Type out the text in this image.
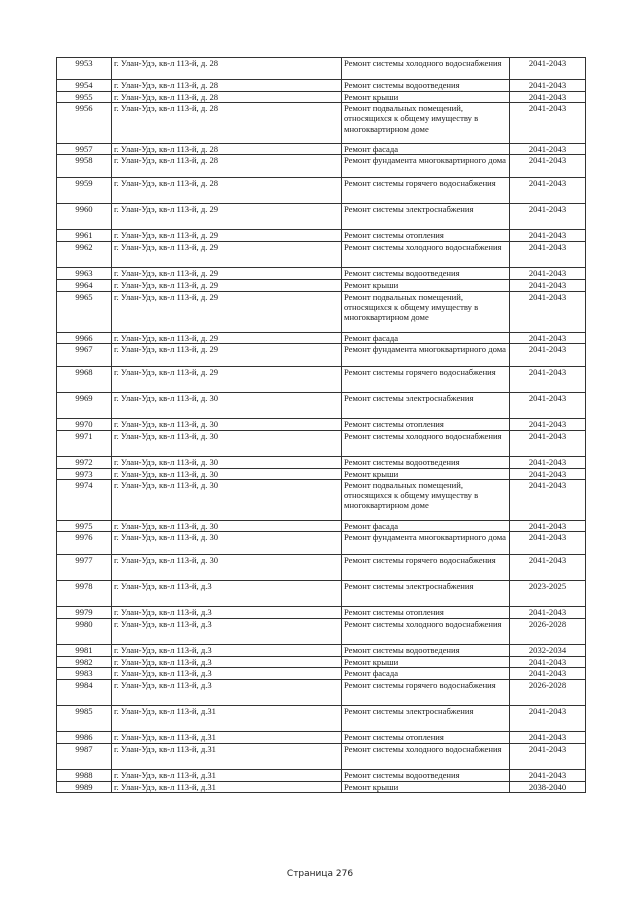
9953	г. Улан-Удэ, кв-л 113-й, д. 28	Ремонт системы холодного водоснабжения	2041-2043
9954	г. Улан-Удэ, кв-л 113-й, д. 28	Ремонт системы водоотведения	2041-2043
9955	г. Улан-Удэ, кв-л 113-й, д. 28	Ремонт крыши	2041-2043
9956	г. Улан-Удэ, кв-л 113-й, д. 28	Ремонт подвальных помещений, относящихся к общему имуществу в многоквартирном доме	2041-2043
9957	г. Улан-Удэ, кв-л 113-й, д. 28	Ремонт фасада	2041-2043
9958	г. Улан-Удэ, кв-л 113-й, д. 28	Ремонт фундамента многоквартирного дома	2041-2043
9959	г. Улан-Удэ, кв-л 113-й, д. 28	Ремонт системы горячего водоснабжения	2041-2043
9960	г. Улан-Удэ, кв-л 113-й, д. 29	Ремонт системы электроснабжения	2041-2043
9961	г. Улан-Удэ, кв-л 113-й, д. 29	Ремонт системы отопления	2041-2043
9962	г. Улан-Удэ, кв-л 113-й, д. 29	Ремонт системы холодного водоснабжения	2041-2043
9963	г. Улан-Удэ, кв-л 113-й, д. 29	Ремонт системы водоотведения	2041-2043
9964	г. Улан-Удэ, кв-л 113-й, д. 29	Ремонт крыши	2041-2043
9965	г. Улан-Удэ, кв-л 113-й, д. 29	Ремонт подвальных помещений, относящихся к общему имуществу в многоквартирном доме	2041-2043
9966	г. Улан-Удэ, кв-л 113-й, д. 29	Ремонт фасада	2041-2043
9967	г. Улан-Удэ, кв-л 113-й, д. 29	Ремонт фундамента многоквартирного дома	2041-2043
9968	г. Улан-Удэ, кв-л 113-й, д. 29	Ремонт системы горячего водоснабжения	2041-2043
9969	г. Улан-Удэ, кв-л 113-й, д. 30	Ремонт системы электроснабжения	2041-2043
9970	г. Улан-Удэ, кв-л 113-й, д. 30	Ремонт системы отопления	2041-2043
9971	г. Улан-Удэ, кв-л 113-й, д. 30	Ремонт системы холодного водоснабжения	2041-2043
9972	г. Улан-Удэ, кв-л 113-й, д. 30	Ремонт системы водоотведения	2041-2043
9973	г. Улан-Удэ, кв-л 113-й, д. 30	Ремонт крыши	2041-2043
9974	г. Улан-Удэ, кв-л 113-й, д. 30	Ремонт подвальных помещений, относящихся к общему имуществу в многоквартирном доме	2041-2043
9975	г. Улан-Удэ, кв-л 113-й, д. 30	Ремонт фасада	2041-2043
9976	г. Улан-Удэ, кв-л 113-й, д. 30	Ремонт фундамента многоквартирного дома	2041-2043
9977	г. Улан-Удэ, кв-л 113-й, д. 30	Ремонт системы горячего водоснабжения	2041-2043
9978	г. Улан-Удэ, кв-л 113-й, д.3	Ремонт системы электроснабжения	2023-2025
9979	г. Улан-Удэ, кв-л 113-й, д.3	Ремонт системы отопления	2041-2043
9980	г. Улан-Удэ, кв-л 113-й, д.3	Ремонт системы холодного водоснабжения	2026-2028
9981	г. Улан-Удэ, кв-л 113-й, д.3	Ремонт системы водоотведения	2032-2034
9982	г. Улан-Удэ, кв-л 113-й, д.3	Ремонт крыши	2041-2043
9983	г. Улан-Удэ, кв-л 113-й, д.3	Ремонт фасада	2041-2043
9984	г. Улан-Удэ, кв-л 113-й, д.3	Ремонт системы горячего водоснабжения	2026-2028
9985	г. Улан-Удэ, кв-л 113-й, д.31	Ремонт системы электроснабжения	2041-2043
9986	г. Улан-Удэ, кв-л 113-й, д.31	Ремонт системы отопления	2041-2043
9987	г. Улан-Удэ, кв-л 113-й, д.31	Ремонт системы холодного водоснабжения	2041-2043
9988	г. Улан-Удэ, кв-л 113-й, д.31	Ремонт системы водоотведения	2041-2043
9989	г. Улан-Удэ, кв-л 113-й, д.31	Ремонт крыши	2038-2040
Страница 276
